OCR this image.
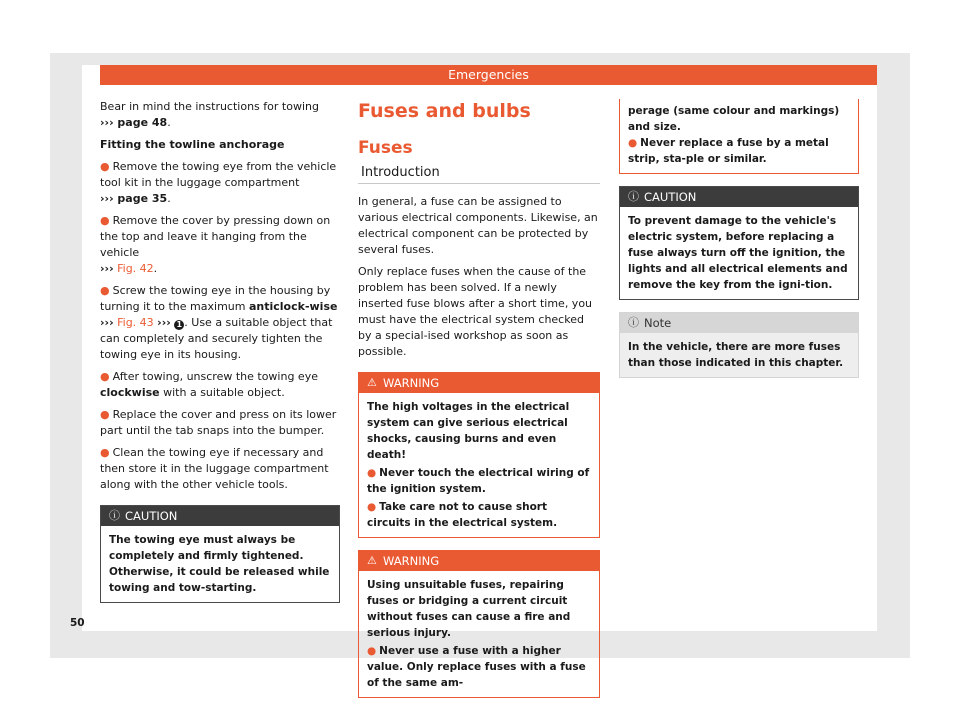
Emergencies

Bear in mind the instructions for towing
››› page 48.

Fitting the towline anchorage

● Remove the towing eye from the vehicle tool kit in the luggage compartment
››› page 35.

● Remove the cover by pressing down on the top and leave it hanging from the vehicle
››› Fig. 42.

● Screw the towing eye in the housing by turning it to the maximum anticlock-wise ››› Fig. 43 ››› 1 . Use a suitable object that can completely and securely tighten the towing eye in its housing.

● After towing, unscrew the towing eye
clockwise with a suitable object.

● Replace the cover and press on its lower part until the tab snaps into the bumper.

● Clean the towing eye if necessary and then store it in the luggage compartment along with the other vehicle tools.

ⓘ CAUTION
The towing eye must always be completely and firmly tightened. Otherwise, it could be released while towing and tow-starting.
Fuses and bulbs
Fuses
Introduction

In general, a fuse can be assigned to various electrical components. Likewise, an electrical component can be protected by several fuses.

Only replace fuses when the cause of the problem has been solved. If a newly inserted fuse blows after a short time, you must have the electrical system checked by a special-ised workshop as soon as possible.

⚠ WARNING
The high voltages in the electrical system can give serious electrical shocks, causing burns and even death!
● Never touch the electrical wiring of the ignition system.
● Take care not to cause short circuits in the electrical system.
⚠ WARNING
Using unsuitable fuses, repairing fuses or bridging a current circuit without fuses can cause a fire and serious injury.
● Never use a fuse with a higher value. Only replace fuses with a fuse of the same am-
perage (same colour and markings) and size.
● Never replace a fuse by a metal strip, sta-ple or similar.
ⓘ CAUTION
To prevent damage to the vehicle's electric system, before replacing a fuse always turn off the ignition, the lights and all electrical elements and remove the key from the igni-tion.
ⓘ Note
In the vehicle, there are more fuses than those indicated in this chapter.
50
